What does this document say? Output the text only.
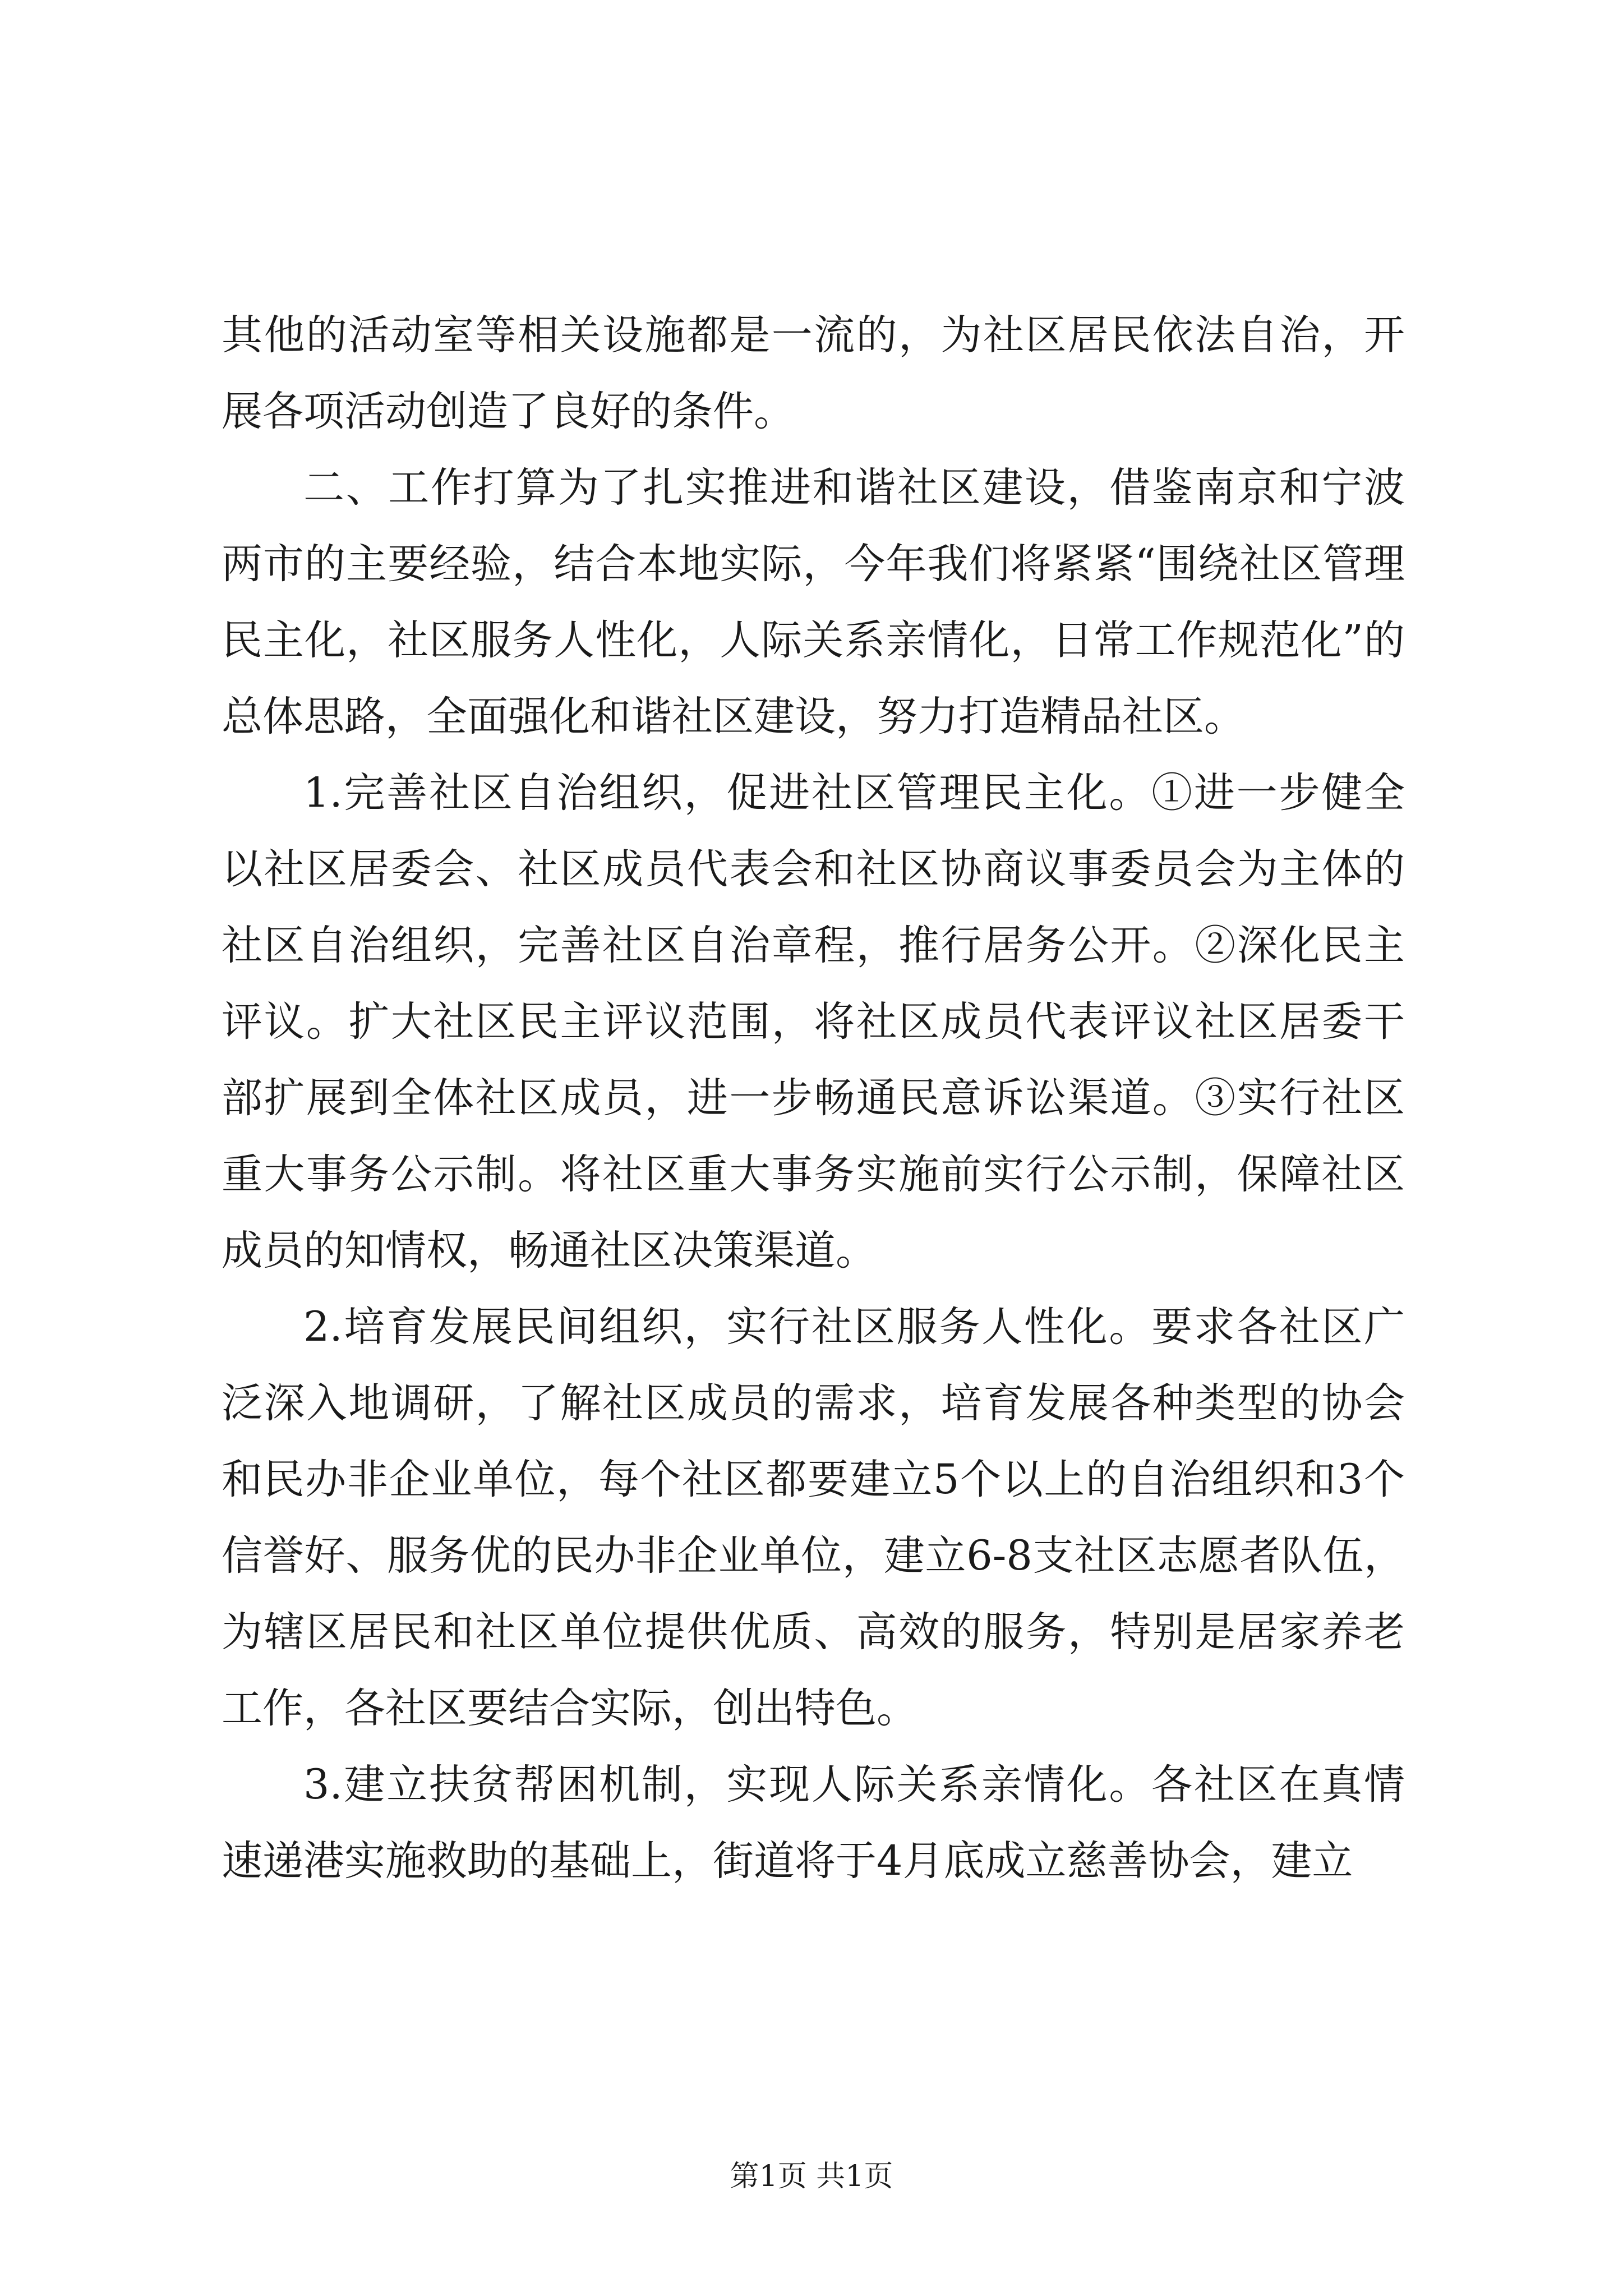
其他的活动室等相关设施都是一流的，为社区居民依法自治，开展各项活动创造了良好的条件。

二、工作打算为了扎实推进和谐社区建设，借鉴南京和宁波两市的主要经验，结合本地实际，今年我们将紧紧“围绕社区管理民主化，社区服务人性化，人际关系亲情化，日常工作规范化”的总体思路，全面强化和谐社区建设，努力打造精品社区。

1.完善社区自治组织，促进社区管理民主化。①进一步健全以社区居委会、社区成员代表会和社区协商议事委员会为主体的社区自治组织，完善社区自治章程，推行居务公开。②深化民主评议。扩大社区民主评议范围，将社区成员代表评议社区居委干部扩展到全体社区成员，进一步畅通民意诉讼渠道。③实行社区重大事务公示制。将社区重大事务实施前实行公示制，保障社区成员的知情权，畅通社区决策渠道。

2.培育发展民间组织，实行社区服务人性化。要求各社区广泛深入地调研，了解社区成员的需求，培育发展各种类型的协会和民办非企业单位，每个社区都要建立5个以上的自治组织和3个信誉好、服务优的民办非企业单位，建立6-8支社区志愿者队伍，为辖区居民和社区单位提供优质、高效的服务，特别是居家养老工作，各社区要结合实际，创出特色。

3.建立扶贫帮困机制，实现人际关系亲情化。各社区在真情速递港实施救助的基础上，街道将于4月底成立慈善协会，建立

第1页 共1页
